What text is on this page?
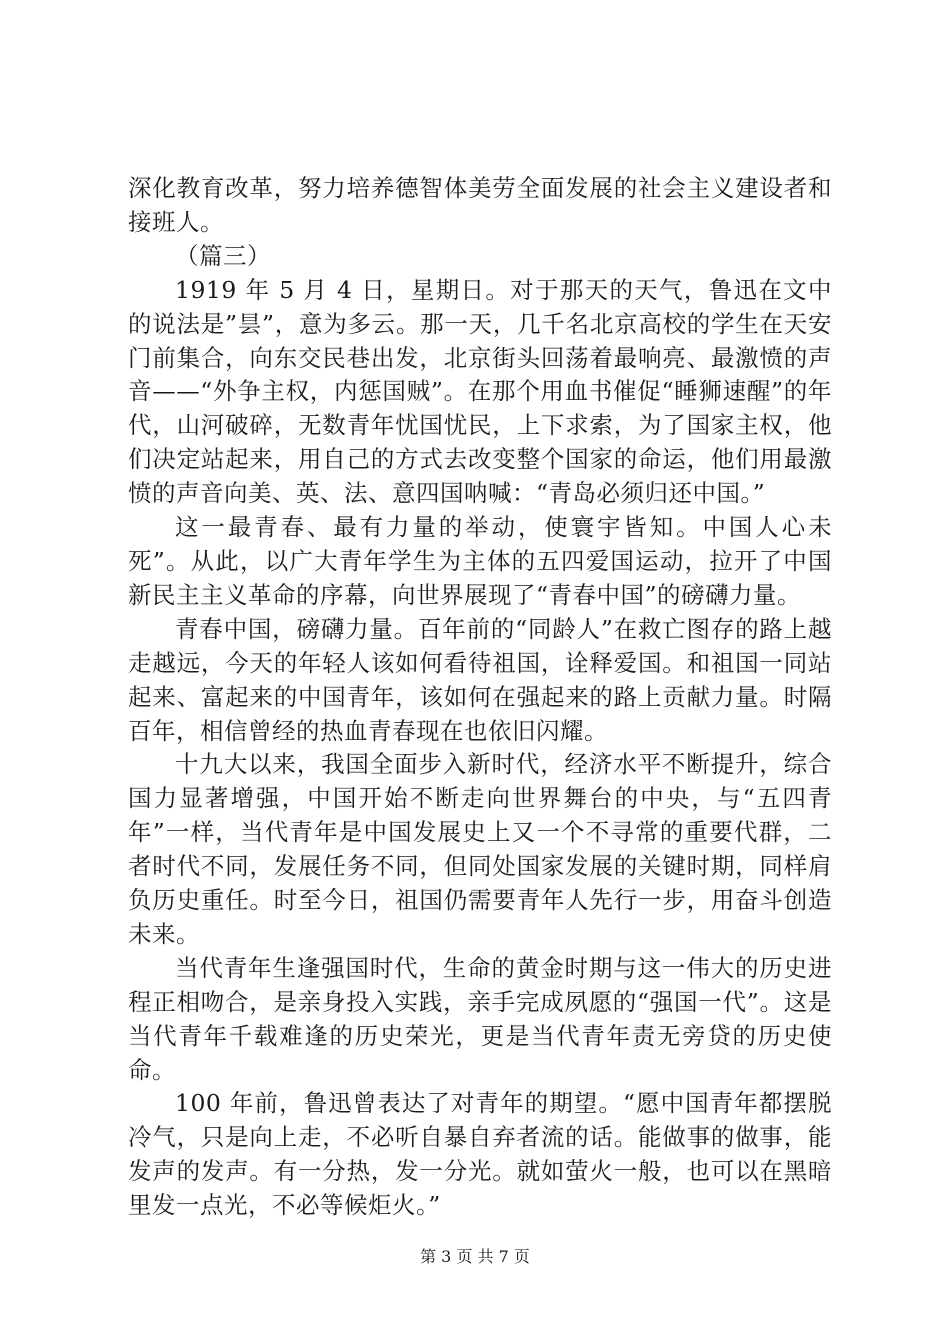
深化教育改革，努力培养德智体美劳全面发展的社会主义建设者和接班人。

（篇三）

1919 年 5 月 4 日，星期日。对于那天的天气，鲁迅在文中的说法是”昙”，意为多云。那一天，几千名北京高校的学生在天安门前集合，向东交民巷出发，北京街头回荡着最响亮、最激愤的声音——“外争主权，内惩国贼”。在那个用血书催促“睡狮速醒”的年代，山河破碎，无数青年忧国忧民，上下求索，为了国家主权，他们决定站起来，用自己的方式去改变整个国家的命运，他们用最激愤的声音向美、英、法、意四国呐喊：“青岛必须归还中国。”

这一最青春、最有力量的举动，使寰宇皆知。中国人心未死”。从此，以广大青年学生为主体的五四爱国运动，拉开了中国新民主主义革命的序幕，向世界展现了“青春中国”的磅礴力量。

青春中国，磅礴力量。百年前的“同龄人”在救亡图存的路上越走越远，今天的年轻人该如何看待祖国，诠释爱国。和祖国一同站起来、富起来的中国青年，该如何在强起来的路上贡献力量。时隔百年，相信曾经的热血青春现在也依旧闪耀。

十九大以来，我国全面步入新时代，经济水平不断提升，综合国力显著增强，中国开始不断走向世界舞台的中央，与“五四青年”一样，当代青年是中国发展史上又一个不寻常的重要代群，二者时代不同，发展任务不同，但同处国家发展的关键时期，同样肩负历史重任。时至今日，祖国仍需要青年人先行一步，用奋斗创造未来。

当代青年生逢强国时代，生命的黄金时期与这一伟大的历史进程正相吻合，是亲身投入实践，亲手完成夙愿的“强国一代”。这是当代青年千载难逢的历史荣光，更是当代青年责无旁贷的历史使命。

100 年前，鲁迅曾表达了对青年的期望。“愿中国青年都摆脱冷气，只是向上走，不必听自暴自弃者流的话。能做事的做事，能发声的发声。有一分热，发一分光。就如萤火一般，也可以在黑暗里发一点光，不必等候炬火。”

第 3 页 共 7 页
